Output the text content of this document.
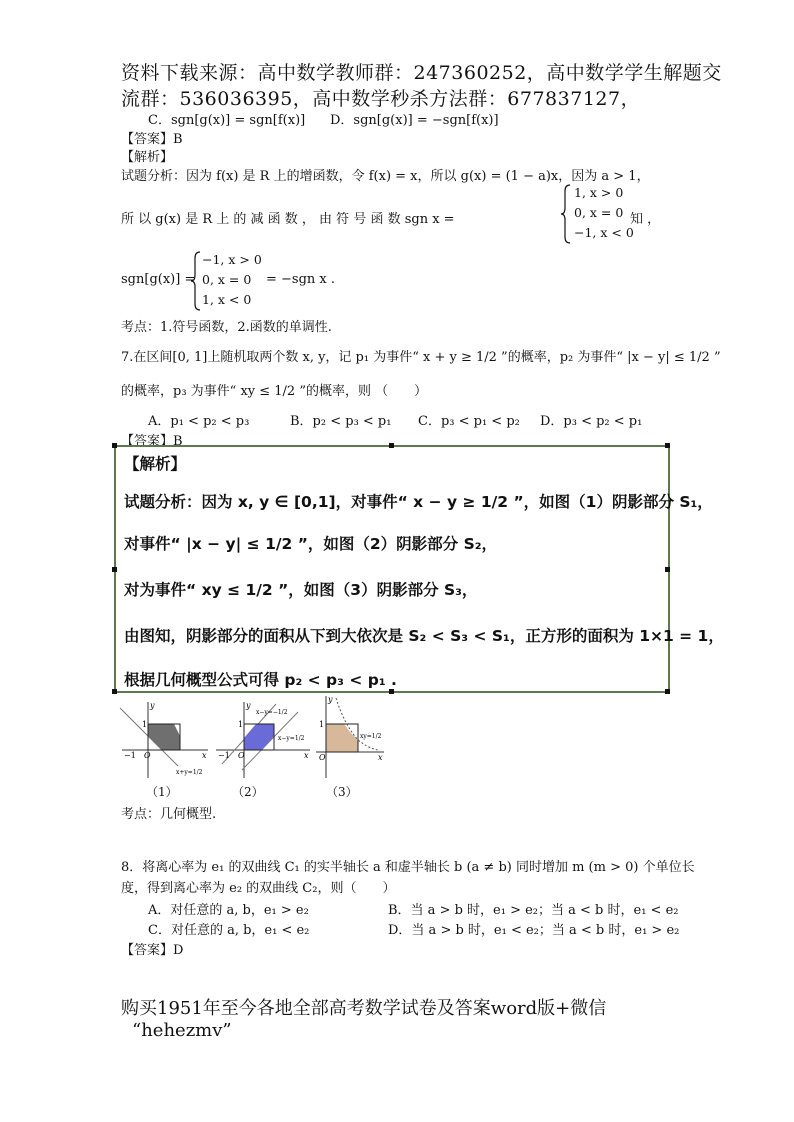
资料下载来源：高中数学教师群：247360252，高中数学学生解题交
流群：536036395，高中数学秒杀方法群：677837127，
C．sgn[g(x)] = sgn[f(x)] D．sgn[g(x)] = −sgn[f(x)]
【答案】B
【解析】
试题分析：因为 f(x) 是 R 上的增函数，令 f(x) = x，所以 g(x) = (1 − a)x，因为 a > 1，
所 以 g(x) 是 R 上 的 减 函 数 ， 由 符 号 函 数 sgn x =
1, x > 0
0, x = 0
−1, x < 0
知 ，
sgn[g(x)] =
−1, x > 0
0, x = 0
1, x < 0
= −sgn x .
考点：1.符号函数，2.函数的单调性.
7.在区间[0, 1]上随机取两个数 x, y，记 p₁ 为事件“ x + y ≥ 1/2 ”的概率，p₂ 为事件“ |x − y| ≤ 1/2 ”
的概率，p₃ 为事件“ xy ≤ 1/2 ”的概率，则 （　　）
A．p₁ < p₂ < p₃	B．p₂ < p₃ < p₁ C．p₃ < p₁ < p₂ D．p₃ < p₂ < p₁
【答案】B
【解析】
试题分析：因为 x, y ∈ [0,1]，对事件“ x − y ≥ 1/2 ”，如图（1）阴影部分 S₁，
对事件“ |x − y| ≤ 1/2 ”，如图（2）阴影部分 S₂，
对为事件“ xy ≤ 1/2 ”，如图（3）阴影部分 S₃，
由图知，阴影部分的面积从下到大依次是 S₂ < S₃ < S₁，正方形的面积为 1×1 = 1，
根据几何概型公式可得 p₂ < p₃ < p₁ .
1
y
−1 O	x
x+y=1/2
（1）
y
x−y=−1/2
1
−1 O	x
x−y=1/2
（2）
y
1
O
xy=1/2
x
（3）
考点：几何概型.
8．将离心率为 e₁ 的双曲线 C₁ 的实半轴长 a 和虚半轴长 b (a ≠ b) 同时增加 m (m > 0) 个单位长
度，得到离心率为 e₂ 的双曲线 C₂，则（　　）
A．对任意的 a, b，e₁ > e₂	B．当 a > b 时，e₁ > e₂；当 a < b 时，e₁ < e₂
C．对任意的 a, b，e₁ < e₂	D．当 a > b 时，e₁ < e₂；当 a < b 时，e₁ > e₂
【答案】D
购买1951年至今各地全部高考数学试卷及答案word版+微信
“hehezmv”
